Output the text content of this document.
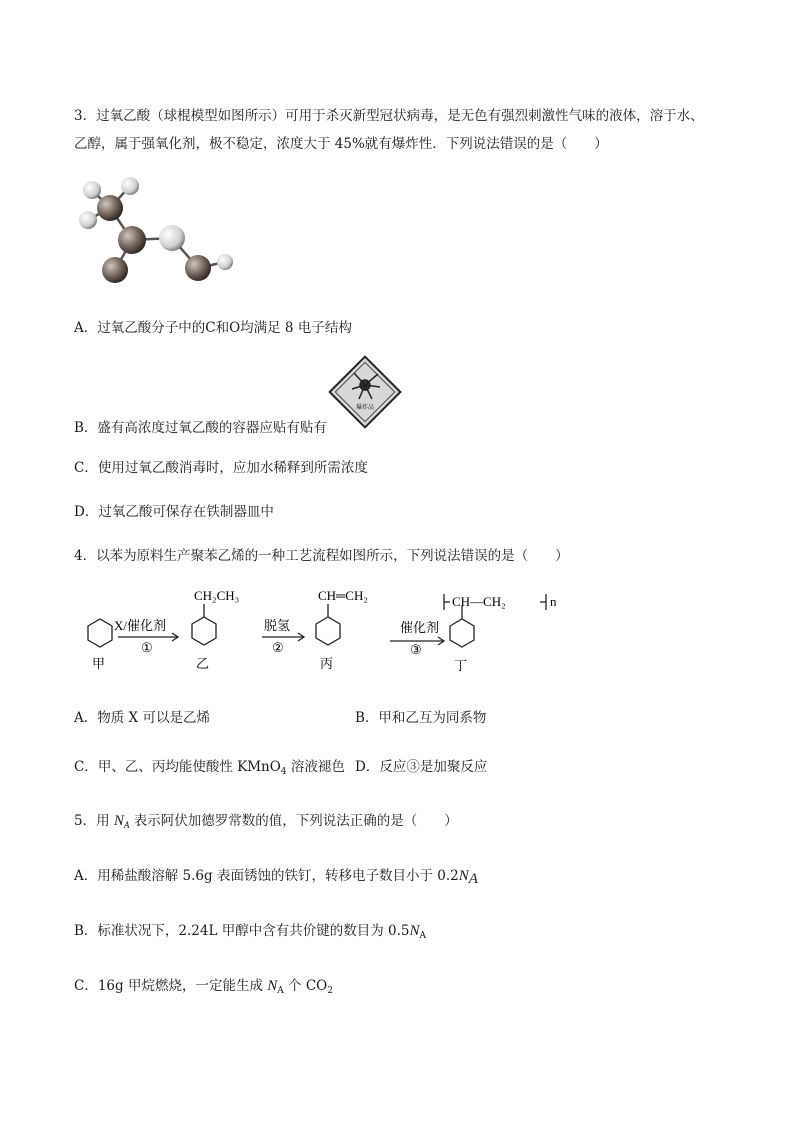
3．过氧乙酸（球棍模型如图所示）可用于杀灭新型冠状病毒，是无色有强烈刺激性气味的液体，溶于水、
乙醇，属于强氧化剂，极不稳定，浓度大于 45%就有爆炸性．下列说法错误的是（　　）
A．过氧乙酸分子中的C和O均满足 8 电子结构
爆炸品
B．盛有高浓度过氧乙酸的容器应贴有贴有
C．使用过氧乙酸消毒时，应加水稀释到所需浓度
D．过氧乙酸可保存在铁制器皿中
4．以苯为原料生产聚苯乙烯的一种工艺流程如图所示，下列说法错误的是（　　）
X/催化剂
①
CH₂CH₃
脱氢
②
CH═CH₂
催化剂
③
CH—CH₂	n
甲	乙	丙	丁
A．物质 X 可以是乙烯	B．甲和乙互为同系物
C．甲、乙、丙均能使酸性 KMnO$_4$ 溶液褪色 D．反应③是加聚反应
5．用 $N_A$ 表示阿伏加德罗常数的值，下列说法正确的是（　　）
A．用稀盐酸溶解 5.6g 表面锈蚀的铁钉，转移电子数目小于 0.2NA
B．标准状况下，2.24L 甲醇中含有共价键的数目为 $0.5N_A$
C．16g 甲烷燃烧，一定能生成 $N_A$ 个 $CO_2$
